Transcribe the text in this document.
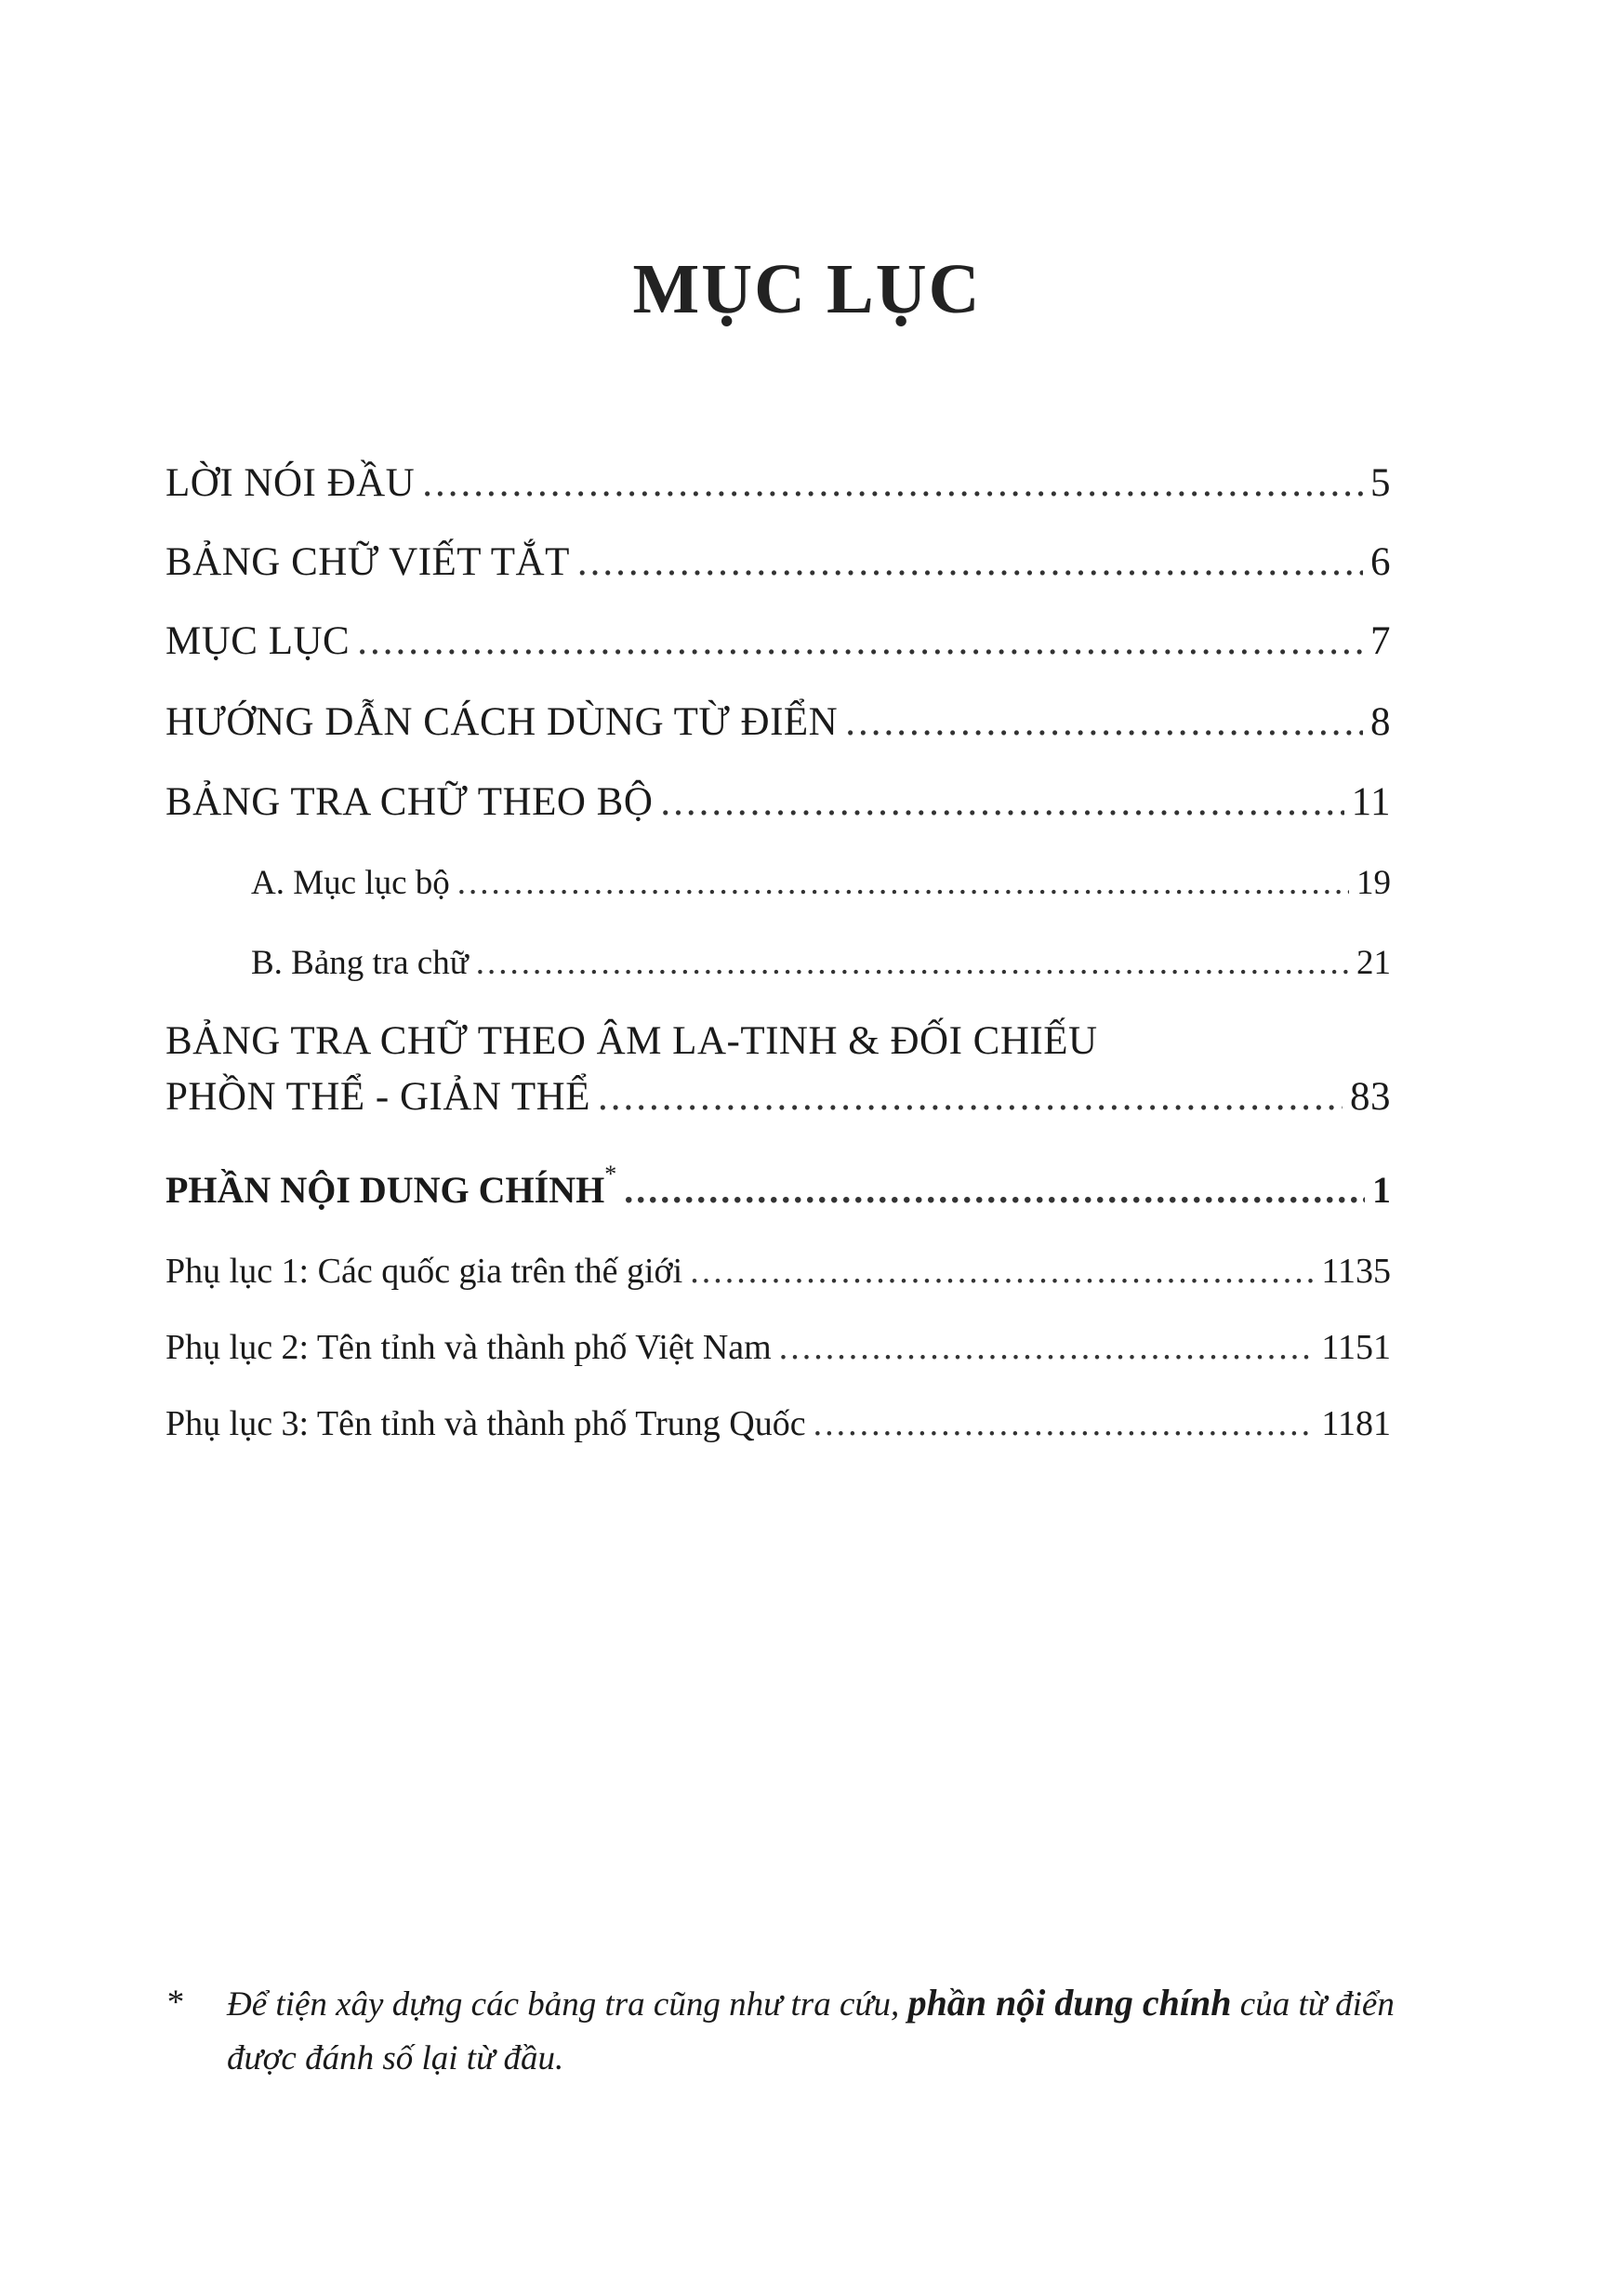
MỤC LỤC
LỜI NÓI ĐẦU .....	5
BẢNG CHỮ VIẾT TẮT .....	6
MỤC LỤC .....	7
HƯỚNG DẪN CÁCH DÙNG TỪ ĐIỂN .....	8
BẢNG TRA CHỮ THEO BỘ .....	11
A. Mục lục bộ .....	19
B. Bảng tra chữ .....	21
BẢNG TRA CHỮ THEO ÂM LA-TINH & ĐỐI CHIẾU
PHỒN THỂ - GIẢN THỂ .....	83
PHẦN NỘI DUNG CHÍNH* .....	1
Phụ lục 1: Các quốc gia trên thế giới .....	1135
Phụ lục 2: Tên tỉnh và thành phố Việt Nam .....	1151
Phụ lục 3: Tên tỉnh và thành phố Trung Quốc .....	1181
* Để tiện xây dựng các bảng tra cũng như tra cứu, phần nội dung chính của từ điển được đánh số lại từ đầu.
